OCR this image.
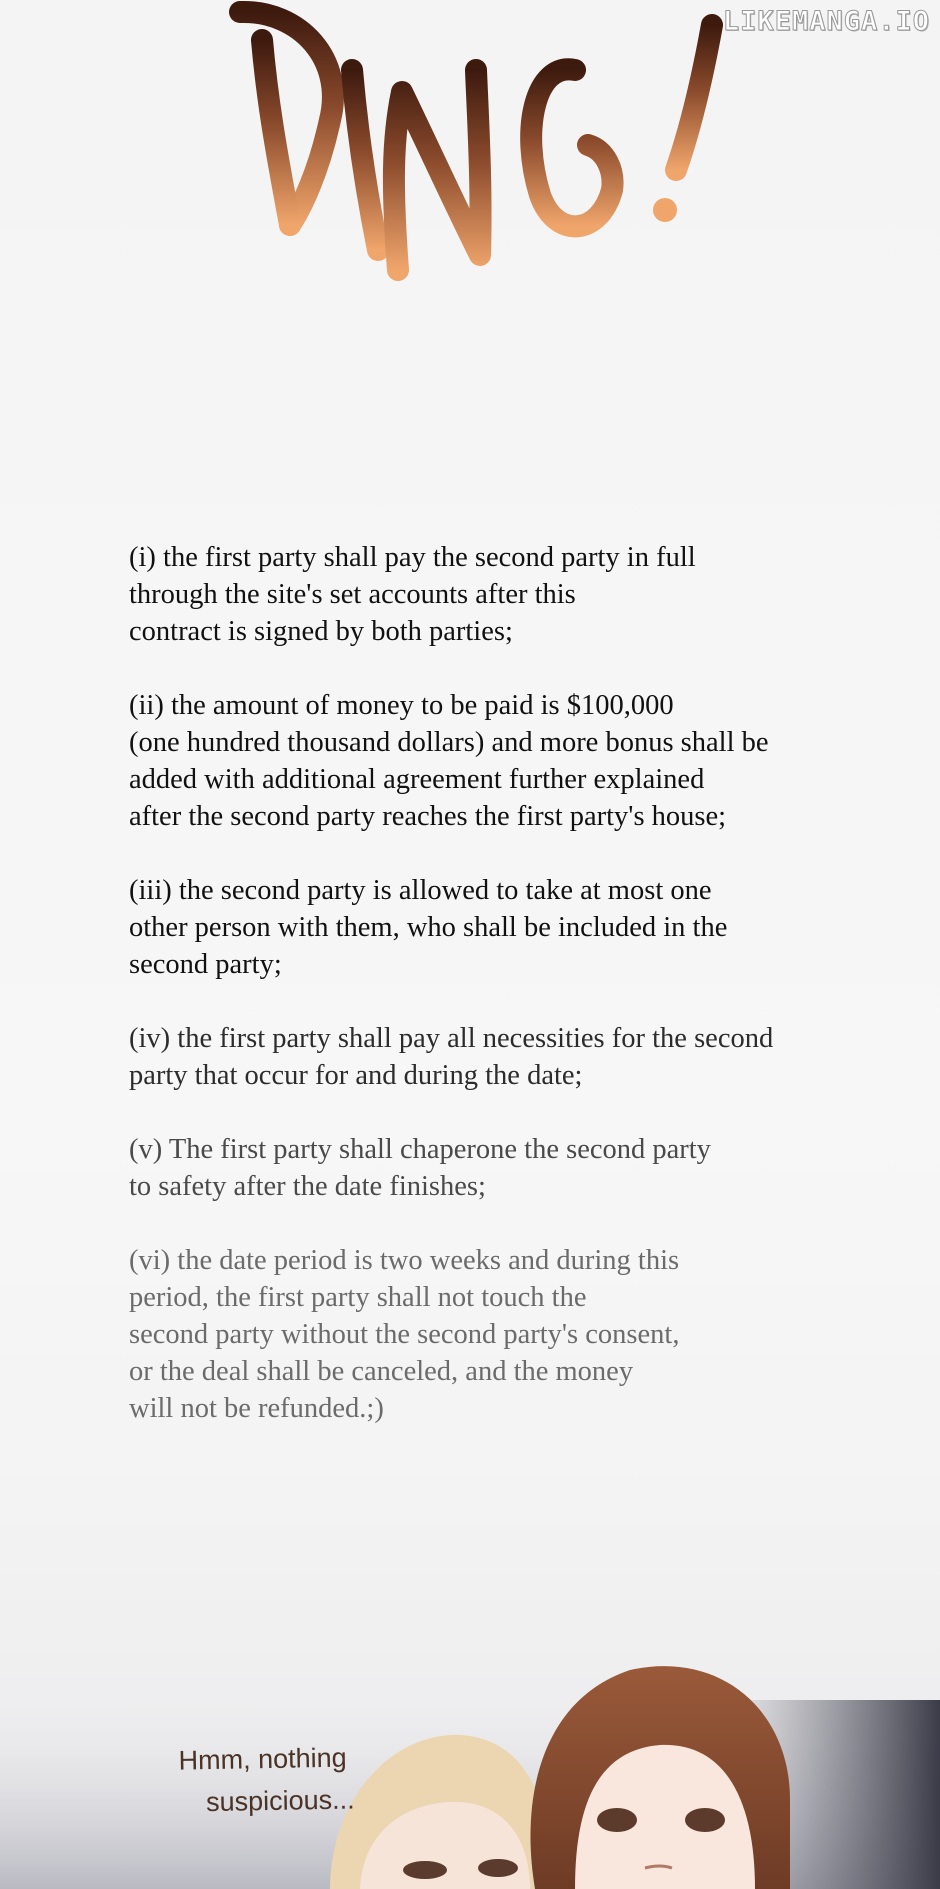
LIKEMANGA.IO

(i) the first party shall pay the second party in full
through the site's set accounts after this
contract is signed by both parties;

(ii) the amount of money to be paid is $100,000
(one hundred thousand dollars) and more bonus shall be
added with additional agreement further explained
after the second party reaches the first party's house;

(iii) the second party is allowed to take at most one
other person with them, who shall be included in the
second party;

(iv) the first party shall pay all necessities for the second
party that occur for and during the date;

(v) The first party shall chaperone the second party
to safety after the date finishes;

(vi) the date period is two weeks and during this
period, the first party shall not touch the
second party without the second party's consent,
or the deal shall be canceled, and the money
will not be refunded.;)

Hmm, nothing
suspicious...
